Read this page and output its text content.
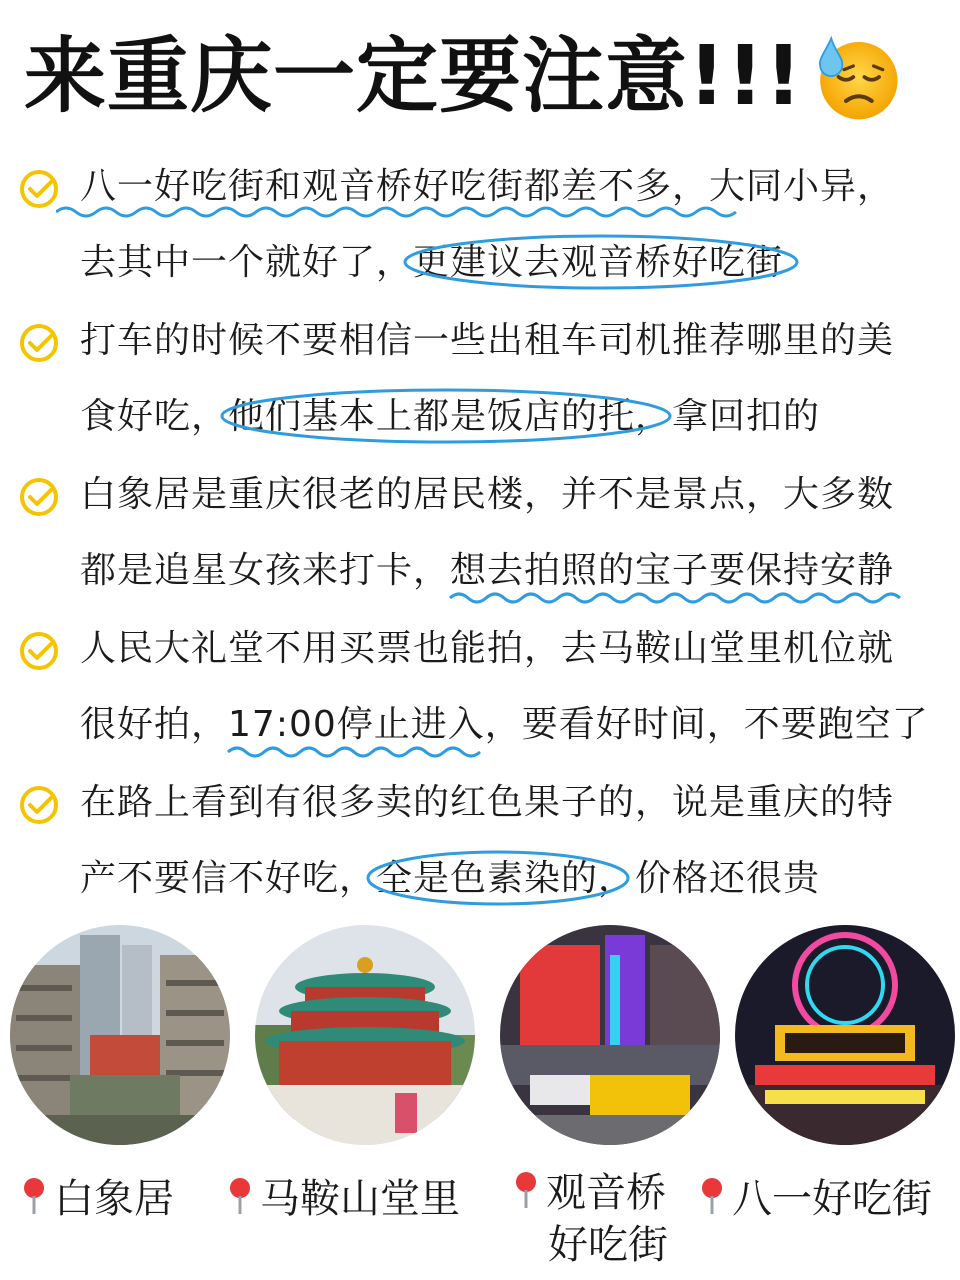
来重庆一定要注意!!!
八一好吃街和观音桥好吃街都差不多，大同小异，
去其中一个就好了，更建议去观音桥好吃街
打车的时候不要相信一些出租车司机推荐哪里的美
食好吃，他们基本上都是饭店的托，
拿回扣的
白象居是重庆很老的居民楼，并不是景点，大多数
都是追星女孩来打卡，想去拍照的宝子要保持安静
人民大礼堂不用买票也能拍，去马鞍山堂里机位就
很好拍，17:00停止进入，
要看好时间，不要跑空了
在路上看到有很多卖的红色果子的，说是重庆的特
产不要信不好吃，全是色素染的，
价格还很贵
白象居	马鞍山堂里	观音桥
好吃街
八一好吃街
